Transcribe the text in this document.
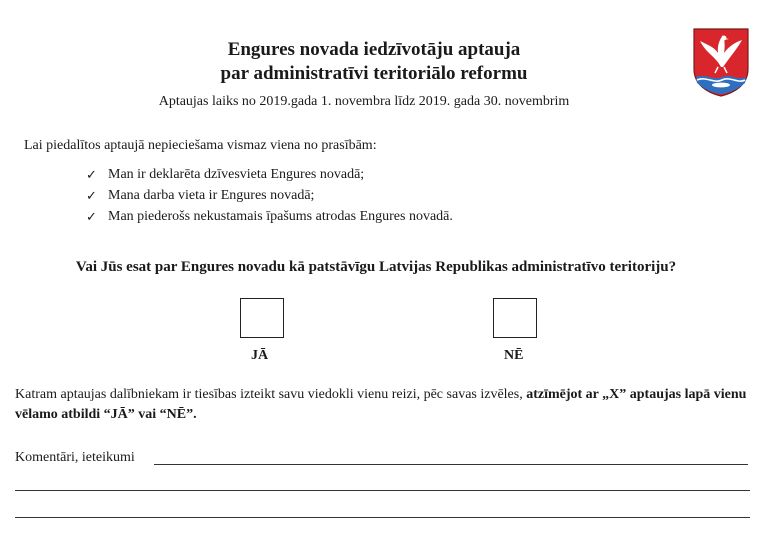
Engures novada iedzīvotāju aptauja
par administratīvi teritoriālo reformu
Aptaujas laiks no 2019.gada 1. novembra līdz 2019. gada 30. novembrim
Lai piedalītos aptaujā nepieciešama vismaz viena no prasībām:
✓ Man ir deklarēta dzīvesvieta Engures novadā;
✓ Mana darba vieta ir Engures novadā;
✓ Man piederošs nekustamais īpašums atrodas Engures novadā.
Vai Jūs esat par Engures novadu kā patstāvīgu Latvijas Republikas administratīvo teritoriju?
JĀ	NĒ
Katram aptaujas dalībniekam ir tiesības izteikt savu viedokli vienu reizi, pēc savas izvēles, atzīmējot ar „X” aptaujas lapā vienu vēlamo atbildi “JĀ” vai “NĒ”.
Komentāri, ieteikumi
